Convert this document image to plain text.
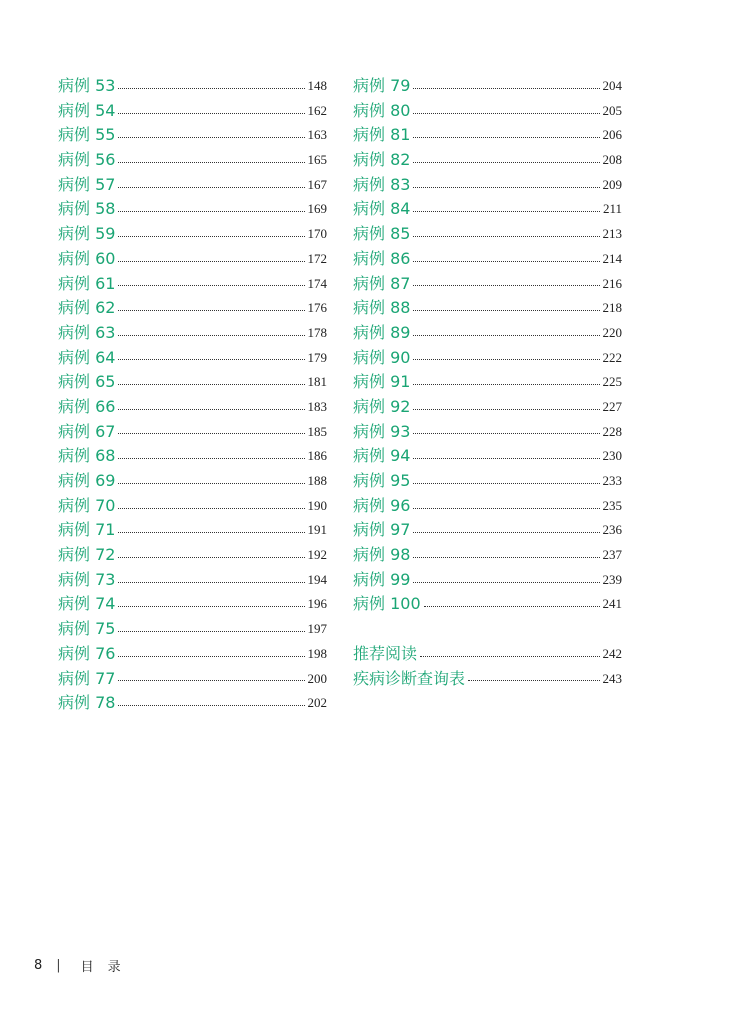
病例 53	148
病例 54	162
病例 55	163
病例 56	165
病例 57	167
病例 58	169
病例 59	170
病例 60	172
病例 61	174
病例 62	176
病例 63	178
病例 64	179
病例 65	181
病例 66	183
病例 67	185
病例 68	186
病例 69	188
病例 70	190
病例 71	191
病例 72	192
病例 73	194
病例 74	196
病例 75	197
病例 76	198
病例 77	200
病例 78	202
病例 79	204
病例 80	205
病例 81	206
病例 82	208
病例 83	209
病例 84	211
病例 85	213
病例 86	214
病例 87	216
病例 88	218
病例 89	220
病例 90	222
病例 91	225
病例 92	227
病例 93	228
病例 94	230
病例 95	233
病例 96	235
病例 97	236
病例 98	237
病例 99	239
病例 100	241
推荐阅读	242
疾病诊断查询表	243
8 | 目录
